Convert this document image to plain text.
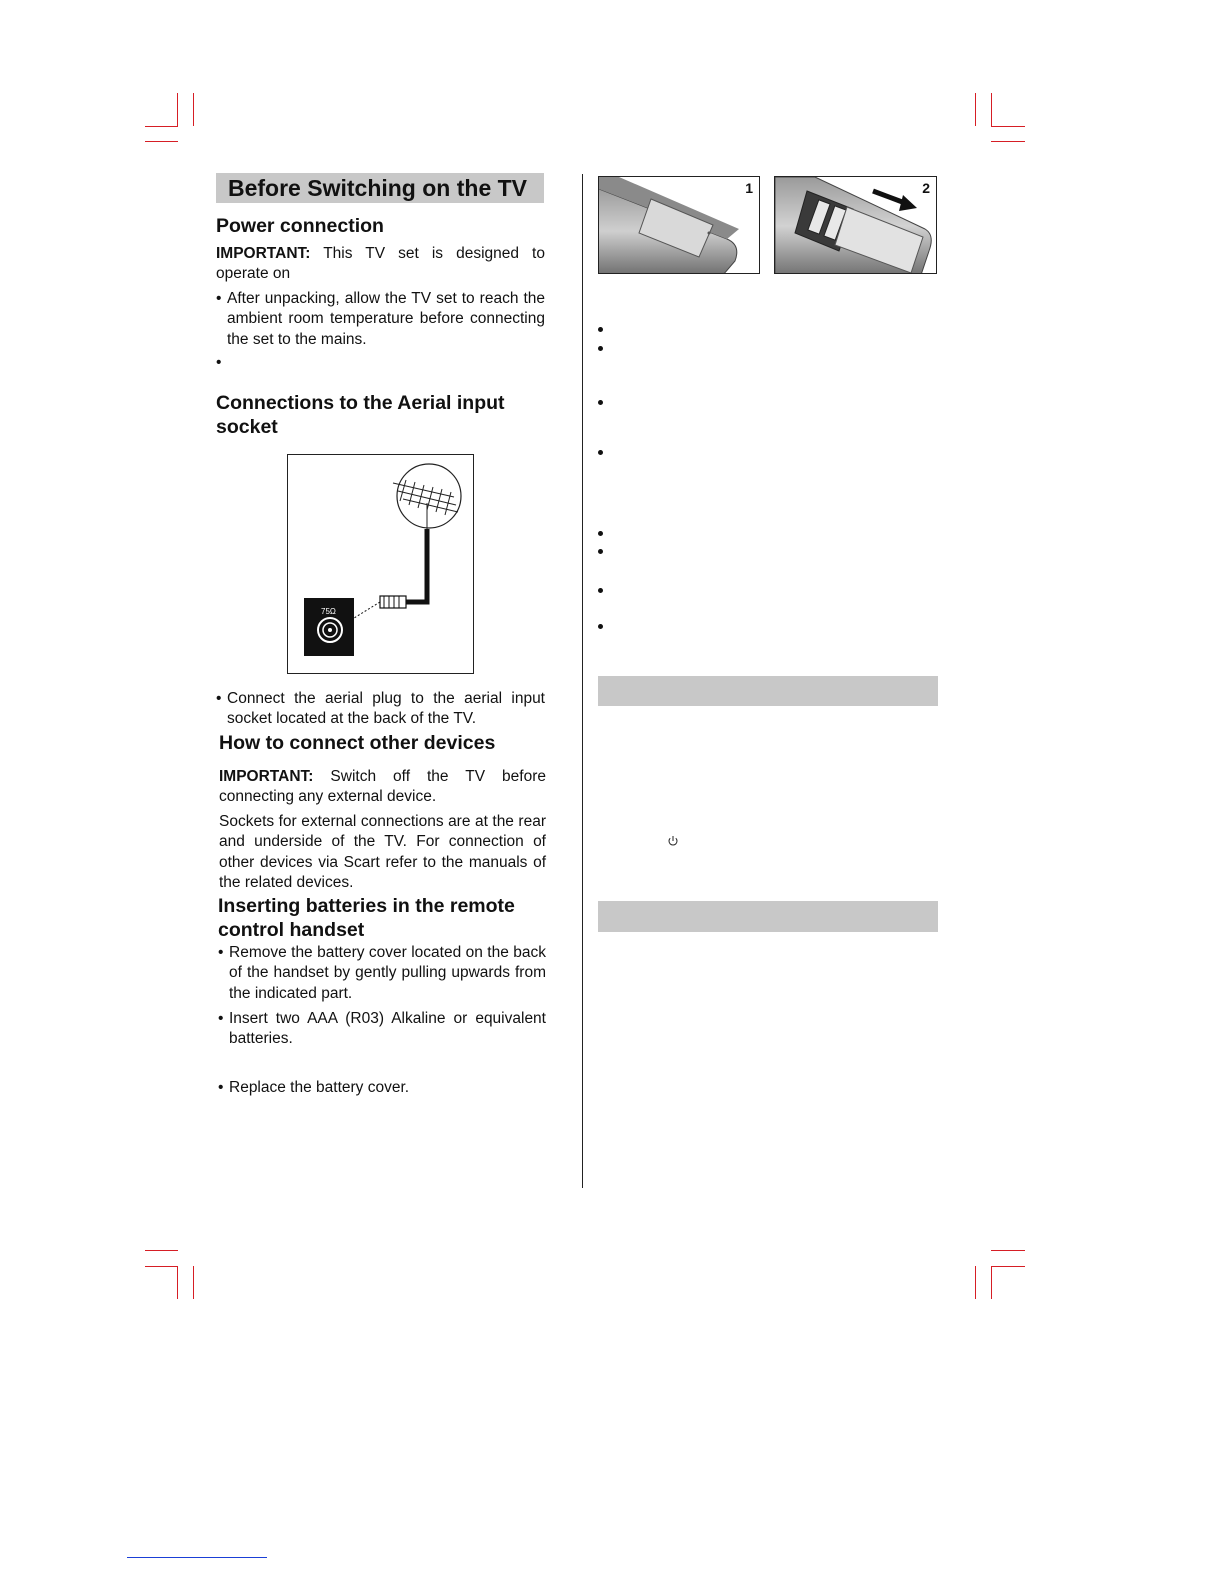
Before Switching on the TV
Power connection
IMPORTANT: This TV set is designed to operate on
• After unpacking, allow the TV set to reach the ambient room temperature before connecting the set to the mains.
•
Connections to the Aerial input socket
75Ω
• Connect the aerial plug to the aerial input socket located at the back of the TV.
How to connect other devices
IMPORTANT: Switch off the TV before connecting any external device.
Sockets for external connections are at the rear and underside of the TV. For connection of other devices via Scart refer to the manuals of the related devices.
Inserting batteries in the remote control handset
• Remove the battery cover located on the back of the handset by gently pulling upwards from the indicated part.
• Insert two AAA (R03) Alkaline or equivalent batteries.
• Replace the battery cover.
1	2
